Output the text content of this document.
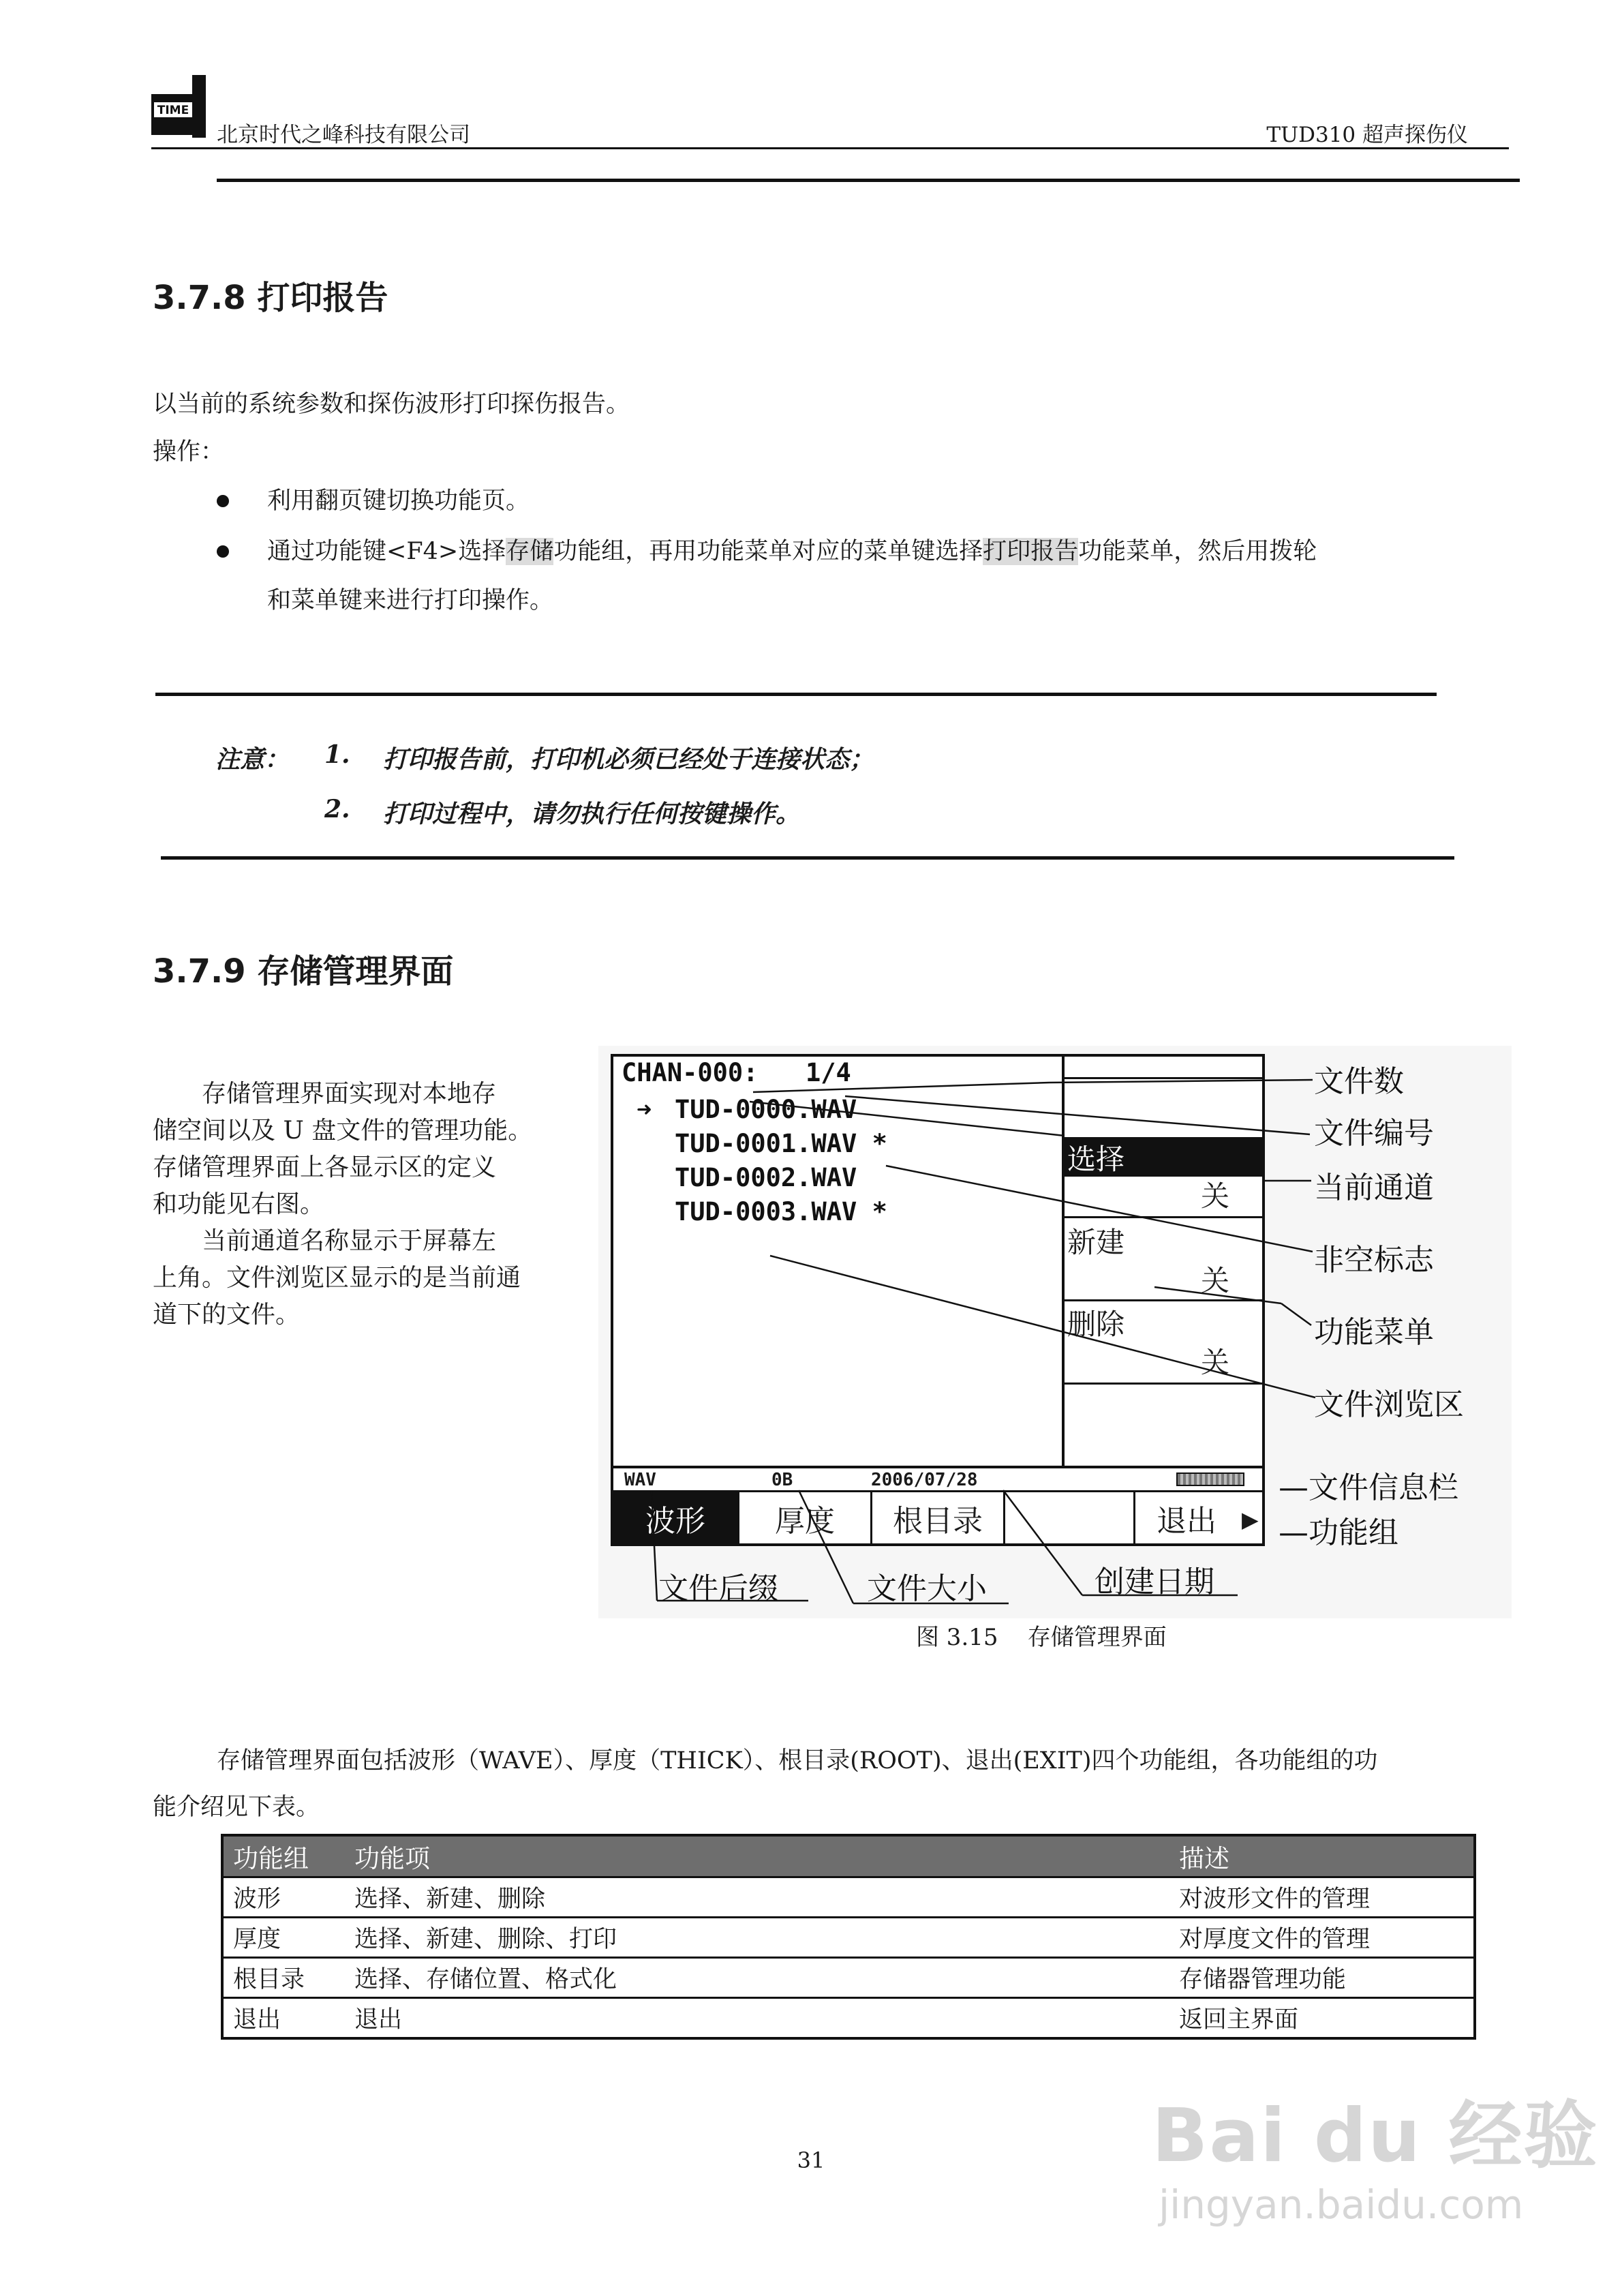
TIME
北京时代之峰科技有限公司	TUD310 超声探伤仪
3.7.8 打印报告
以当前的系统参数和探伤波形打印探伤报告。
操作：
利用翻页键切换功能页。
通过功能键<F4>选择存储功能组，再用功能菜单对应的菜单键选择打印报告功能菜单，然后用拨轮
和菜单键来进行打印操作。
注意： 1. 打印报告前，打印机必须已经处于连接状态；
2. 打印过程中，请勿执行任何按键操作。
3.7.9 存储管理界面
存储管理界面实现对本地存
储空间以及 U 盘文件的管理功能。
存储管理界面上各显示区的定义
和功能见右图。
当前通道名称显示于屏幕左
上角。文件浏览区显示的是当前通
道下的文件。
CHAN-000: 1/4
➜ TUD-0000.WAV
TUD-0001.WAV *
TUD-0002.WAV
TUD-0003.WAV *
选择
关
新建
关
删除
关
WAV	0B	2006/07/28
波形	厚度	根目录	退出	▶
文件数
文件编号
当前通道
非空标志
功能菜单
文件浏览区
—文件信息栏
—功能组
文件后缀	文件大小	创建日期
图 3.15    存储管理界面
存储管理界面包括波形（WAVE）、厚度（THICK）、根目录(ROOT)、退出(EXIT)四个功能组，各功能组的功
能介绍见下表。
功能组	功能项	描述
波形	选择、新建、删除	对波形文件的管理
厚度	选择、新建、删除、打印	对厚度文件的管理
根目录	选择、存储位置、格式化	存储器管理功能
退出	退出	返回主界面
31	Bai du 经验
jingyan.baidu.com
